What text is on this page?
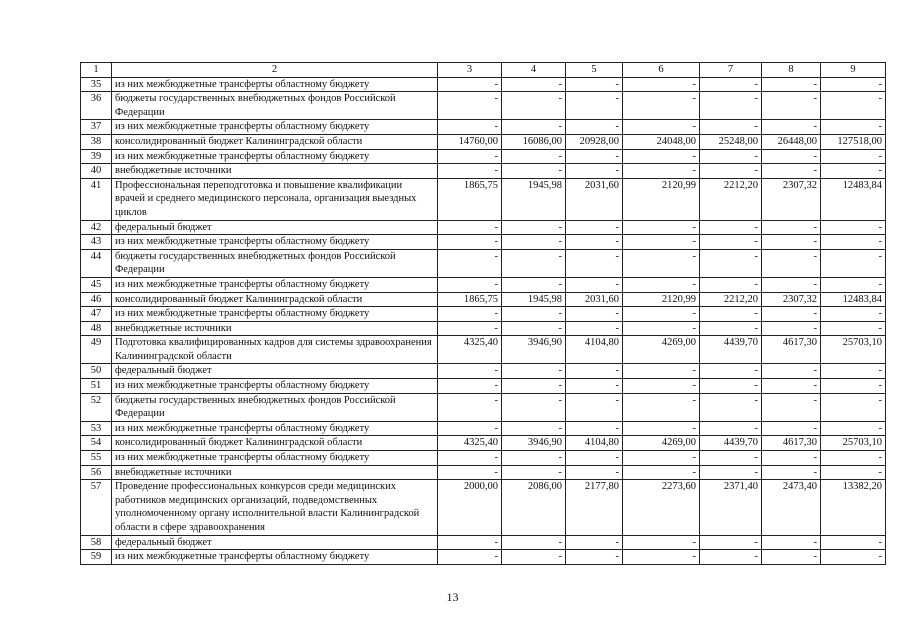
1	2	3	4	5	6	7	8	9
35	из них межбюджетные трансферты областному бюджету	-	-	-	-	-	-	-
36	бюджеты государственных внебюджетных фондов Российской Федерации	-	-	-	-	-	-	-
37	из них межбюджетные трансферты областному бюджету	-	-	-	-	-	-	-
38	консолидированный бюджет Калининградской области	14760,00	16086,00	20928,00	24048,00	25248,00	26448,00	127518,00
39	из них межбюджетные трансферты областному бюджету	-	-	-	-	-	-	-
40	внебюджетные источники	-	-	-	-	-	-	-
41	Профессиональная переподготовка и повышение квалификации врачей и среднего медицинского персонала, организация выездных циклов	1865,75	1945,98	2031,60	2120,99	2212,20	2307,32	12483,84
42	федеральный бюджет	-	-	-	-	-	-	-
43	из них межбюджетные трансферты областному бюджету	-	-	-	-	-	-	-
44	бюджеты государственных внебюджетных фондов Российской Федерации	-	-	-	-	-	-	-
45	из них межбюджетные трансферты областному бюджету	-	-	-	-	-	-	-
46	консолидированный бюджет Калининградской области	1865,75	1945,98	2031,60	2120,99	2212,20	2307,32	12483,84
47	из них межбюджетные трансферты областному бюджету	-	-	-	-	-	-	-
48	внебюджетные источники	-	-	-	-	-	-	-
49	Подготовка квалифицированных кадров для системы здравоохранения Калининградской области	4325,40	3946,90	4104,80	4269,00	4439,70	4617,30	25703,10
50	федеральный бюджет	-	-	-	-	-	-	-
51	из них межбюджетные трансферты областному бюджету	-	-	-	-	-	-	-
52	бюджеты государственных внебюджетных фондов Российской Федерации	-	-	-	-	-	-	-
53	из них межбюджетные трансферты областному бюджету	-	-	-	-	-	-	-
54	консолидированный бюджет Калининградской области	4325,40	3946,90	4104,80	4269,00	4439,70	4617,30	25703,10
55	из них межбюджетные трансферты областному бюджету	-	-	-	-	-	-	-
56	внебюджетные источники	-	-	-	-	-	-	-
57	Проведение профессиональных конкурсов среди медицинских работников медицинских организаций, подведомственных уполномоченному органу исполнительной власти Калининградской области в сфере здравоохранения	2000,00	2086,00	2177,80	2273,60	2371,40	2473,40	13382,20
58	федеральный бюджет	-	-	-	-	-	-	-
59	из них межбюджетные трансферты областному бюджету	-	-	-	-	-	-	-
13
